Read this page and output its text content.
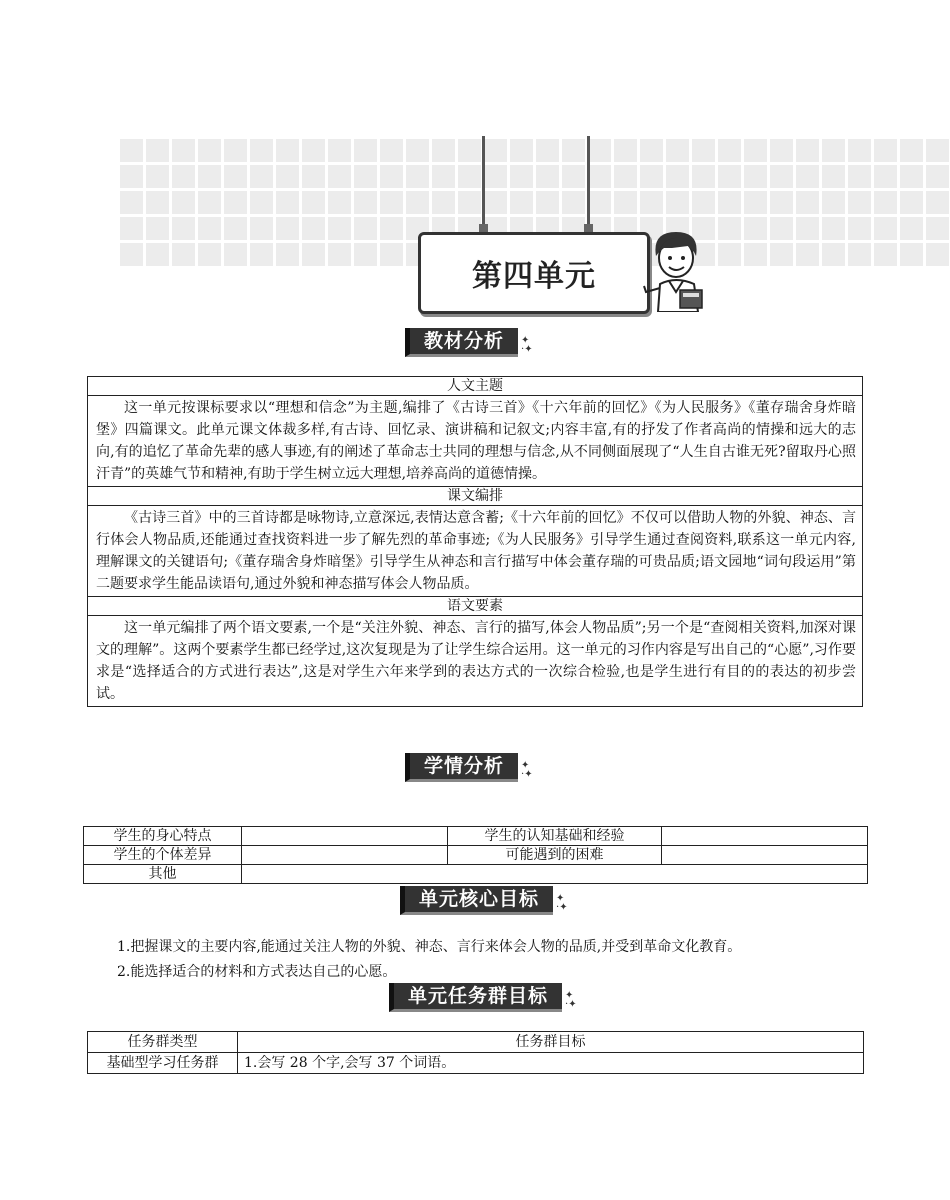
第四单元
教材分析	✦
·✦
人文主题

这一单元按课标要求以“理想和信念”为主题,编排了《古诗三首》《十六年前的回忆》《为人民服务》《董存瑞舍身炸暗堡》四篇课文。此单元课文体裁多样,有古诗、回忆录、演讲稿和记叙文;内容丰富,有的抒发了作者高尚的情操和远大的志向,有的追忆了革命先辈的感人事迹,有的阐述了革命志士共同的理想与信念,从不同侧面展现了“人生自古谁无死?留取丹心照汗青”的英雄气节和精神,有助于学生树立远大理想,培养高尚的道德情操。

课文编排

《古诗三首》中的三首诗都是咏物诗,立意深远,表情达意含蓄;《十六年前的回忆》不仅可以借助人物的外貌、神态、言行体会人物品质,还能通过查找资料进一步了解先烈的革命事迹;《为人民服务》引导学生通过查阅资料,联系这一单元内容,理解课文的关键语句;《董存瑞舍身炸暗堡》引导学生从神态和言行描写中体会董存瑞的可贵品质;语文园地“词句段运用”第二题要求学生能品读语句,通过外貌和神态描写体会人物品质。

语文要素

这一单元编排了两个语文要素,一个是“关注外貌、神态、言行的描写,体会人物品质”;另一个是“查阅相关资料,加深对课文的理解”。这两个要素学生都已经学过,这次复现是为了让学生综合运用。这一单元的习作内容是写出自己的“心愿”,习作要求是“选择适合的方式进行表达”,这是对学生六年来学到的表达方式的一次综合检验,也是学生进行有目的的表达的初步尝试。

学情分析	✦
·✦
学生的身心特点		学生的认知基础和经验	
学生的个体差异		可能遇到的困难	
其他			
单元核心目标	✦
·✦

1.把握课文的主要内容,能通过关注人物的外貌、神态、言行来体会人物的品质,并受到革命文化教育。

2.能选择适合的材料和方式表达自己的心愿。

单元任务群目标	✦
·✦
任务群类型	任务群目标
基础型学习任务群	1.会写 28 个字,会写 37 个词语。
